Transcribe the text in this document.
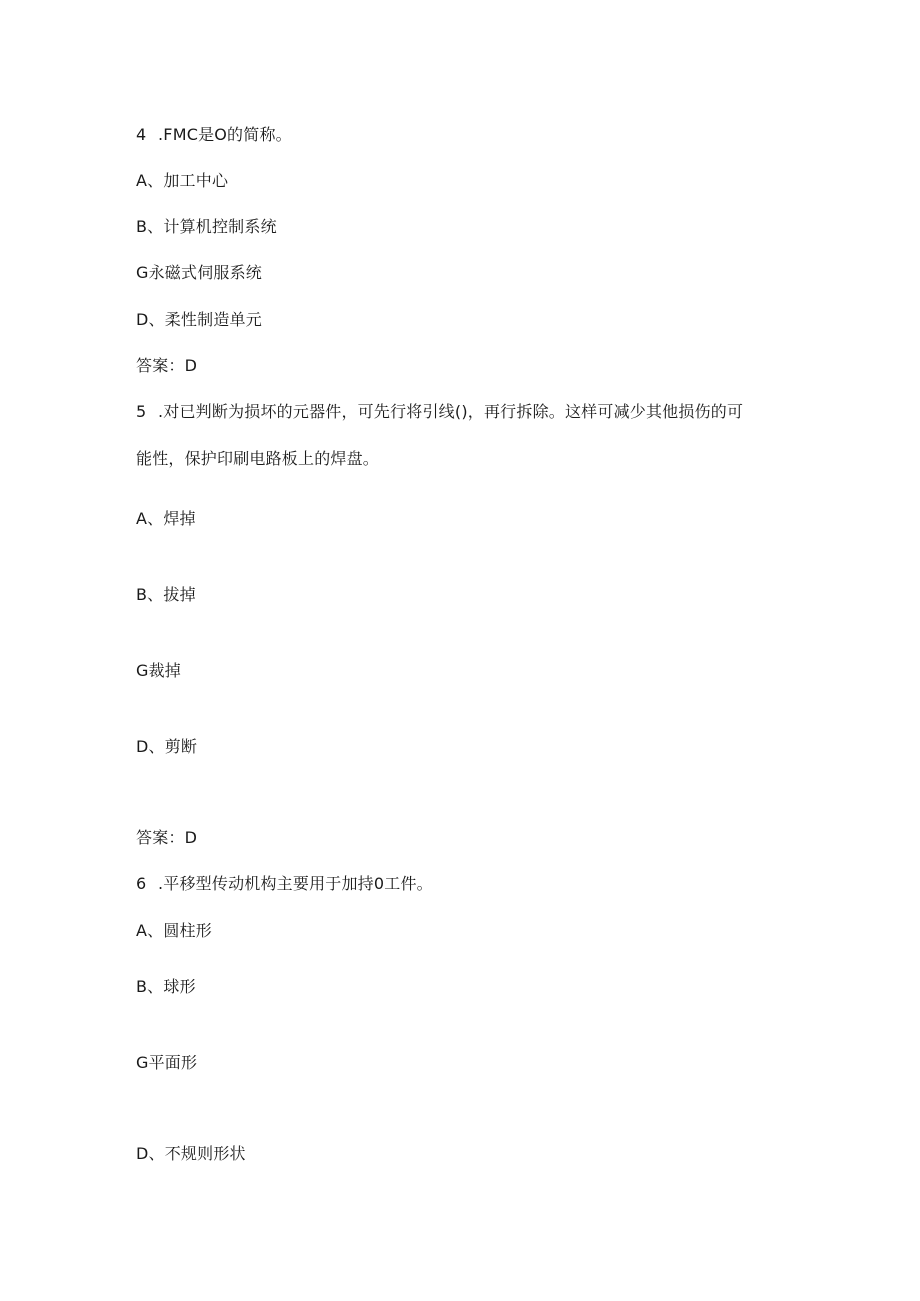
4 .FMC是O的简称。
A、加工中心
B、计算机控制系统
G永磁式伺服系统
D、柔性制造单元
答案：D
5 .对已判断为损坏的元器件，可先行将引线()，再行拆除。这样可减少其他损伤的可
能性，保护印刷电路板上的焊盘。
A、焊掉
B、拔掉
G裁掉
D、剪断
答案：D
6 .平移型传动机构主要用于加持0工件。
A、圆柱形
B、球形
G平面形
D、不规则形状
